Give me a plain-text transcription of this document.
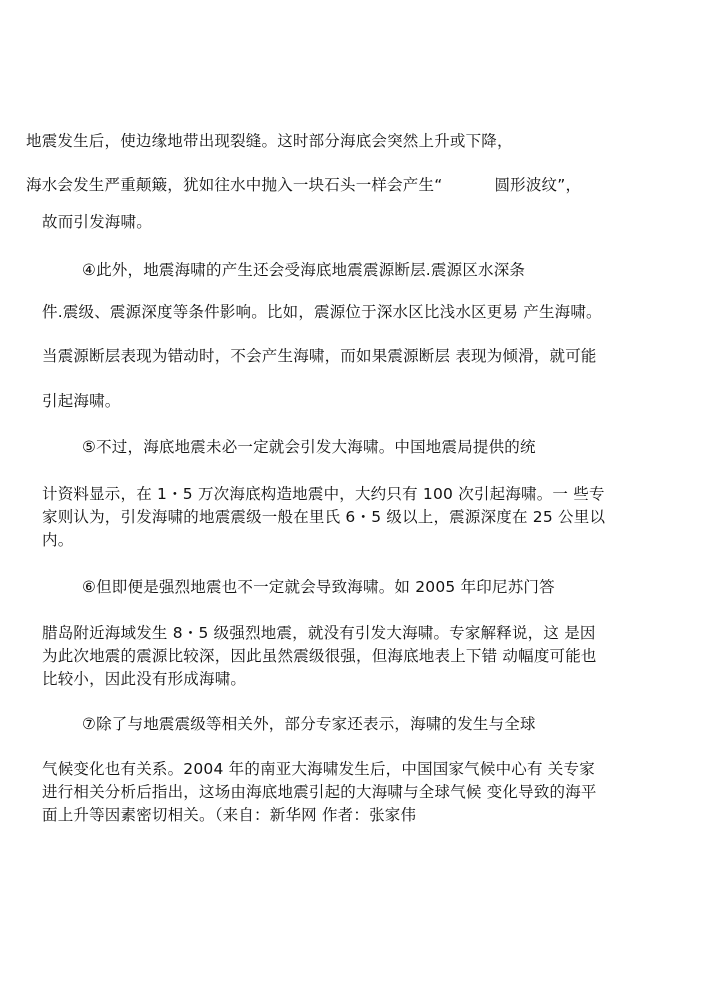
地震发生后，使边缘地带出现裂缝。这时部分海底会突然上升或下降，
海水会发生严重颠簸，犹如往水中抛入一块石头一样会产生“	圆形波纹”，
故而引发海啸。
④此外，地震海啸的产生还会受海底地震震源断层.震源区水深条
件.震级、震源深度等条件影响。比如，震源位于深水区比浅水区更易 产生海啸。
当震源断层表现为错动时，不会产生海啸，而如果震源断层 表现为倾滑，就可能
引起海啸。
⑤不过，海底地震未必一定就会引发大海啸。中国地震局提供的统
计资料显示，在 1・5 万次海底构造地震中，大约只有 100 次引起海啸。一 些专
家则认为，引发海啸的地震震级一般在里氏 6・5 级以上，震源深度在 25 公里以
内。
⑥但即便是强烈地震也不一定就会导致海啸。如 2005 年印尼苏门答
腊岛附近海域发生 8・5 级强烈地震，就没有引发大海啸。专家解释说，这 是因
为此次地震的震源比较深，因此虽然震级很强，但海底地表上下错 动幅度可能也
比较小，因此没有形成海啸。
⑦除了与地震震级等相关外，部分专家还表示，海啸的发生与全球
气候变化也有关系。2004 年的南亚大海啸发生后，中国国家气候中心有 关专家
进行相关分析后指出，这场由海底地震引起的大海啸与全球气候 变化导致的海平
面上升等因素密切相关。（来自：新华网 作者：张家伟
